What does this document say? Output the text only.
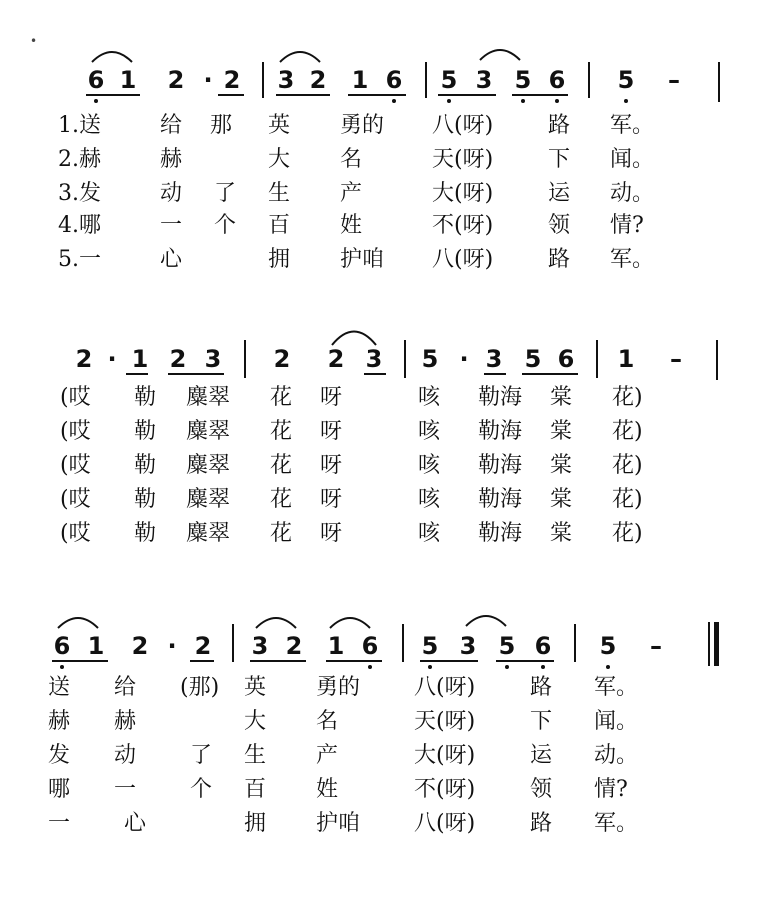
•
6 1 2 · 2 3 2 1 6 5 3 5 6 5 –
1.送	给 那 英 勇的 八(呀) 路 军。
2.赫	赫	大 名	天(呀) 下 闻。
3.发	动 了 生 产	大(呀) 运 动。
4.哪	一 个 百 姓	不(呀) 领 情?
5.一	心	拥 护咱 八(呀) 路 军。
2 · 1 2 3 2 2 3 5 · 3 5 6 1 –
(哎 勒 麋翠 花 呀	咳 勒海 棠 花)
(哎 勒 麋翠 花 呀	咳 勒海 棠 花)
(哎 勒 麋翠 花 呀	咳 勒海 棠 花)
(哎 勒 麋翠 花 呀	咳 勒海 棠 花)
(哎 勒 麋翠 花 呀	咳 勒海 棠 花)
6 1 2 · 2 3 2 1 6 5 3 5 6 5 –
送 给 (那) 英 勇的 八(呀) 路 军。
赫 赫	大 名	天(呀) 下 闻。
发 动 了 生 产	大(呀) 运 动。
哪 一 个 百 姓	不(呀) 领 情?
一 心	拥 护咱 八(呀) 路 军。
